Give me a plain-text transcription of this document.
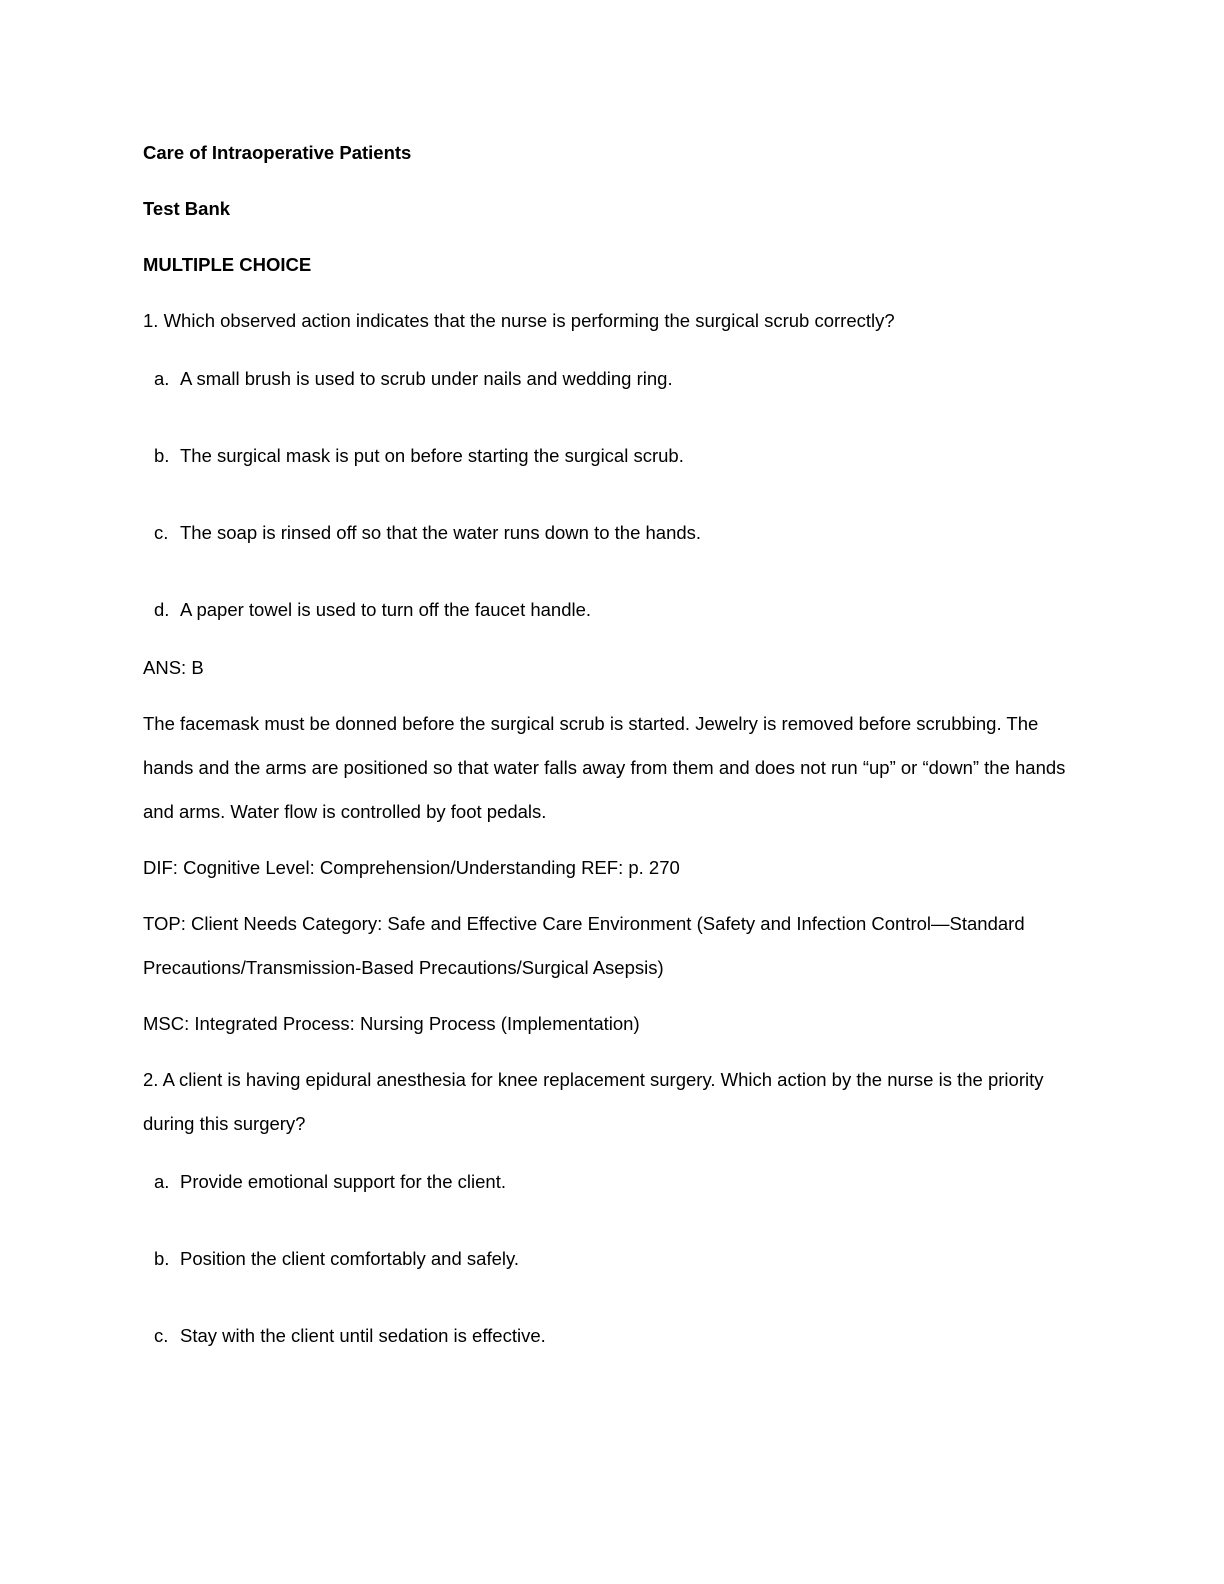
Care of Intraoperative Patients
Test Bank
MULTIPLE CHOICE

1. Which observed action indicates that the nurse is performing the surgical scrub correctly?

a. A small brush is used to scrub under nails and wedding ring.
b. The surgical mask is put on before starting the surgical scrub.
c. The soap is rinsed off so that the water runs down to the hands.
d. A paper towel is used to turn off the faucet handle.

ANS: B

The facemask must be donned before the surgical scrub is started. Jewelry is removed before scrubbing. The hands and the arms are positioned so that water falls away from them and does not run “up” or “down” the hands and arms. Water flow is controlled by foot pedals.

DIF: Cognitive Level: Comprehension/Understanding REF: p. 270

TOP: Client Needs Category: Safe and Effective Care Environment (Safety and Infection Control—Standard Precautions/Transmission-Based Precautions/Surgical Asepsis)

MSC: Integrated Process: Nursing Process (Implementation)

2. A client is having epidural anesthesia for knee replacement surgery. Which action by the nurse is the priority during this surgery?

a. Provide emotional support for the client.
b. Position the client comfortably and safely.
c. Stay with the client until sedation is effective.
